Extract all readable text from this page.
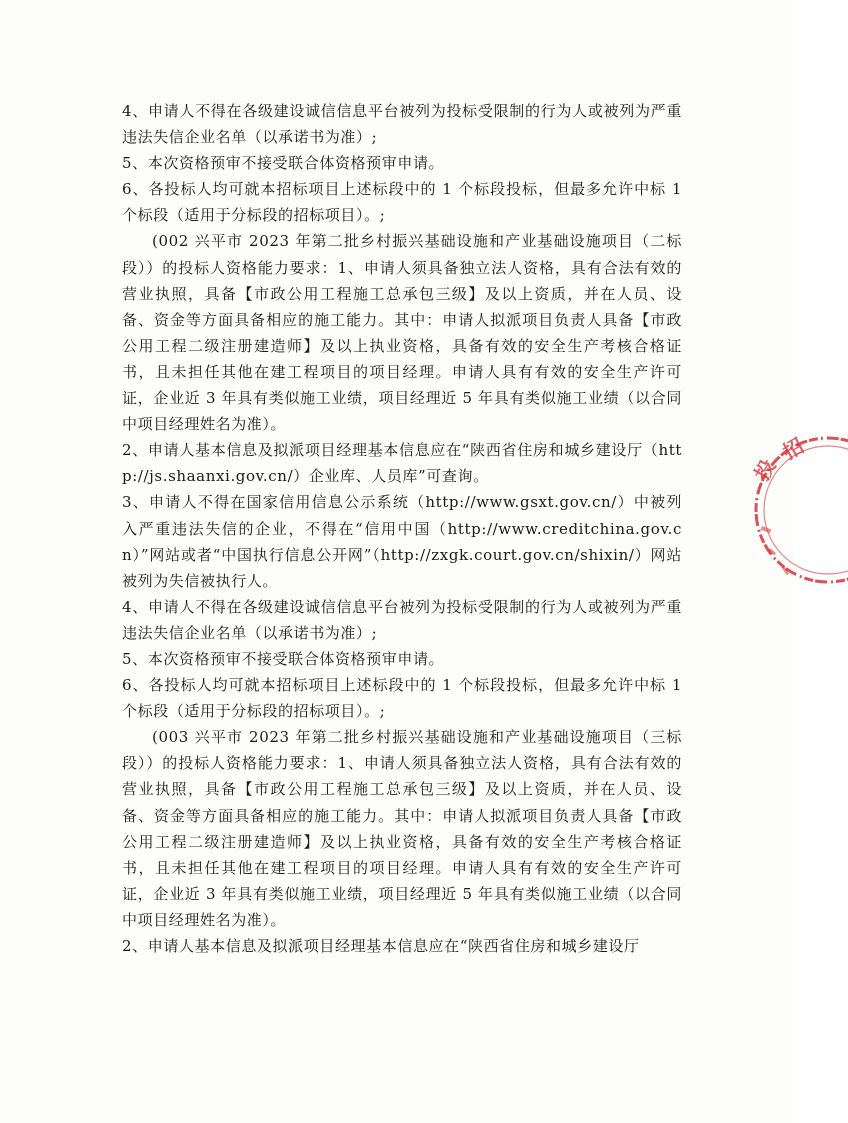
4、申请人不得在各级建设诚信信息平台被列为投标受限制的行为人或被列为严重违法失信企业名单（以承诺书为准）;

5、本次资格预审不接受联合体资格预审申请。

6、各投标人均可就本招标项目上述标段中的 1 个标段投标，但最多允许中标 1 个标段（适用于分标段的招标项目）。;

(002 兴平市 2023 年第二批乡村振兴基础设施和产业基础设施项目（二标段））的投标人资格能力要求：1、申请人须具备独立法人资格，具有合法有效的营业执照，具备【市政公用工程施工总承包三级】及以上资质，并在人员、设备、资金等方面具备相应的施工能力。其中：申请人拟派项目负责人具备【市政公用工程二级注册建造师】及以上执业资格，具备有效的安全生产考核合格证书，且未担任其他在建工程项目的项目经理。申请人具有有效的安全生产许可证，企业近 3 年具有类似施工业绩，项目经理近 5 年具有类似施工业绩（以合同中项目经理姓名为准）。

2、申请人基本信息及拟派项目经理基本信息应在“陕西省住房和城乡建设厅（http://js.shaanxi.gov.cn/）企业库、人员库”可查询。

3、申请人不得在国家信用信息公示系统（http://www.gsxt.gov.cn/）中被列入严重违法失信的企业，不得在“信用中国（http://www.creditchina.gov.cn）”网站或者“中国执行信息公开网”（http://zxgk.court.gov.cn/shixin/）网站被列为失信被执行人。

4、申请人不得在各级建设诚信信息平台被列为投标受限制的行为人或被列为严重违法失信企业名单（以承诺书为准）;

5、本次资格预审不接受联合体资格预审申请。

6、各投标人均可就本招标项目上述标段中的 1 个标段投标，但最多允许中标 1 个标段（适用于分标段的招标项目）。;

(003 兴平市 2023 年第二批乡村振兴基础设施和产业基础设施项目（三标段））的投标人资格能力要求：1、申请人须具备独立法人资格，具有合法有效的营业执照，具备【市政公用工程施工总承包三级】及以上资质，并在人员、设备、资金等方面具备相应的施工能力。其中：申请人拟派项目负责人具备【市政公用工程二级注册建造师】及以上执业资格，具备有效的安全生产考核合格证书，且未担任其他在建工程项目的项目经理。申请人具有有效的安全生产许可证，企业近 3 年具有类似施工业绩，项目经理近 5 年具有类似施工业绩（以合同中项目经理姓名为准）。

2、申请人基本信息及拟派项目经理基本信息应在“陕西省住房和城乡建设厅

投
招
